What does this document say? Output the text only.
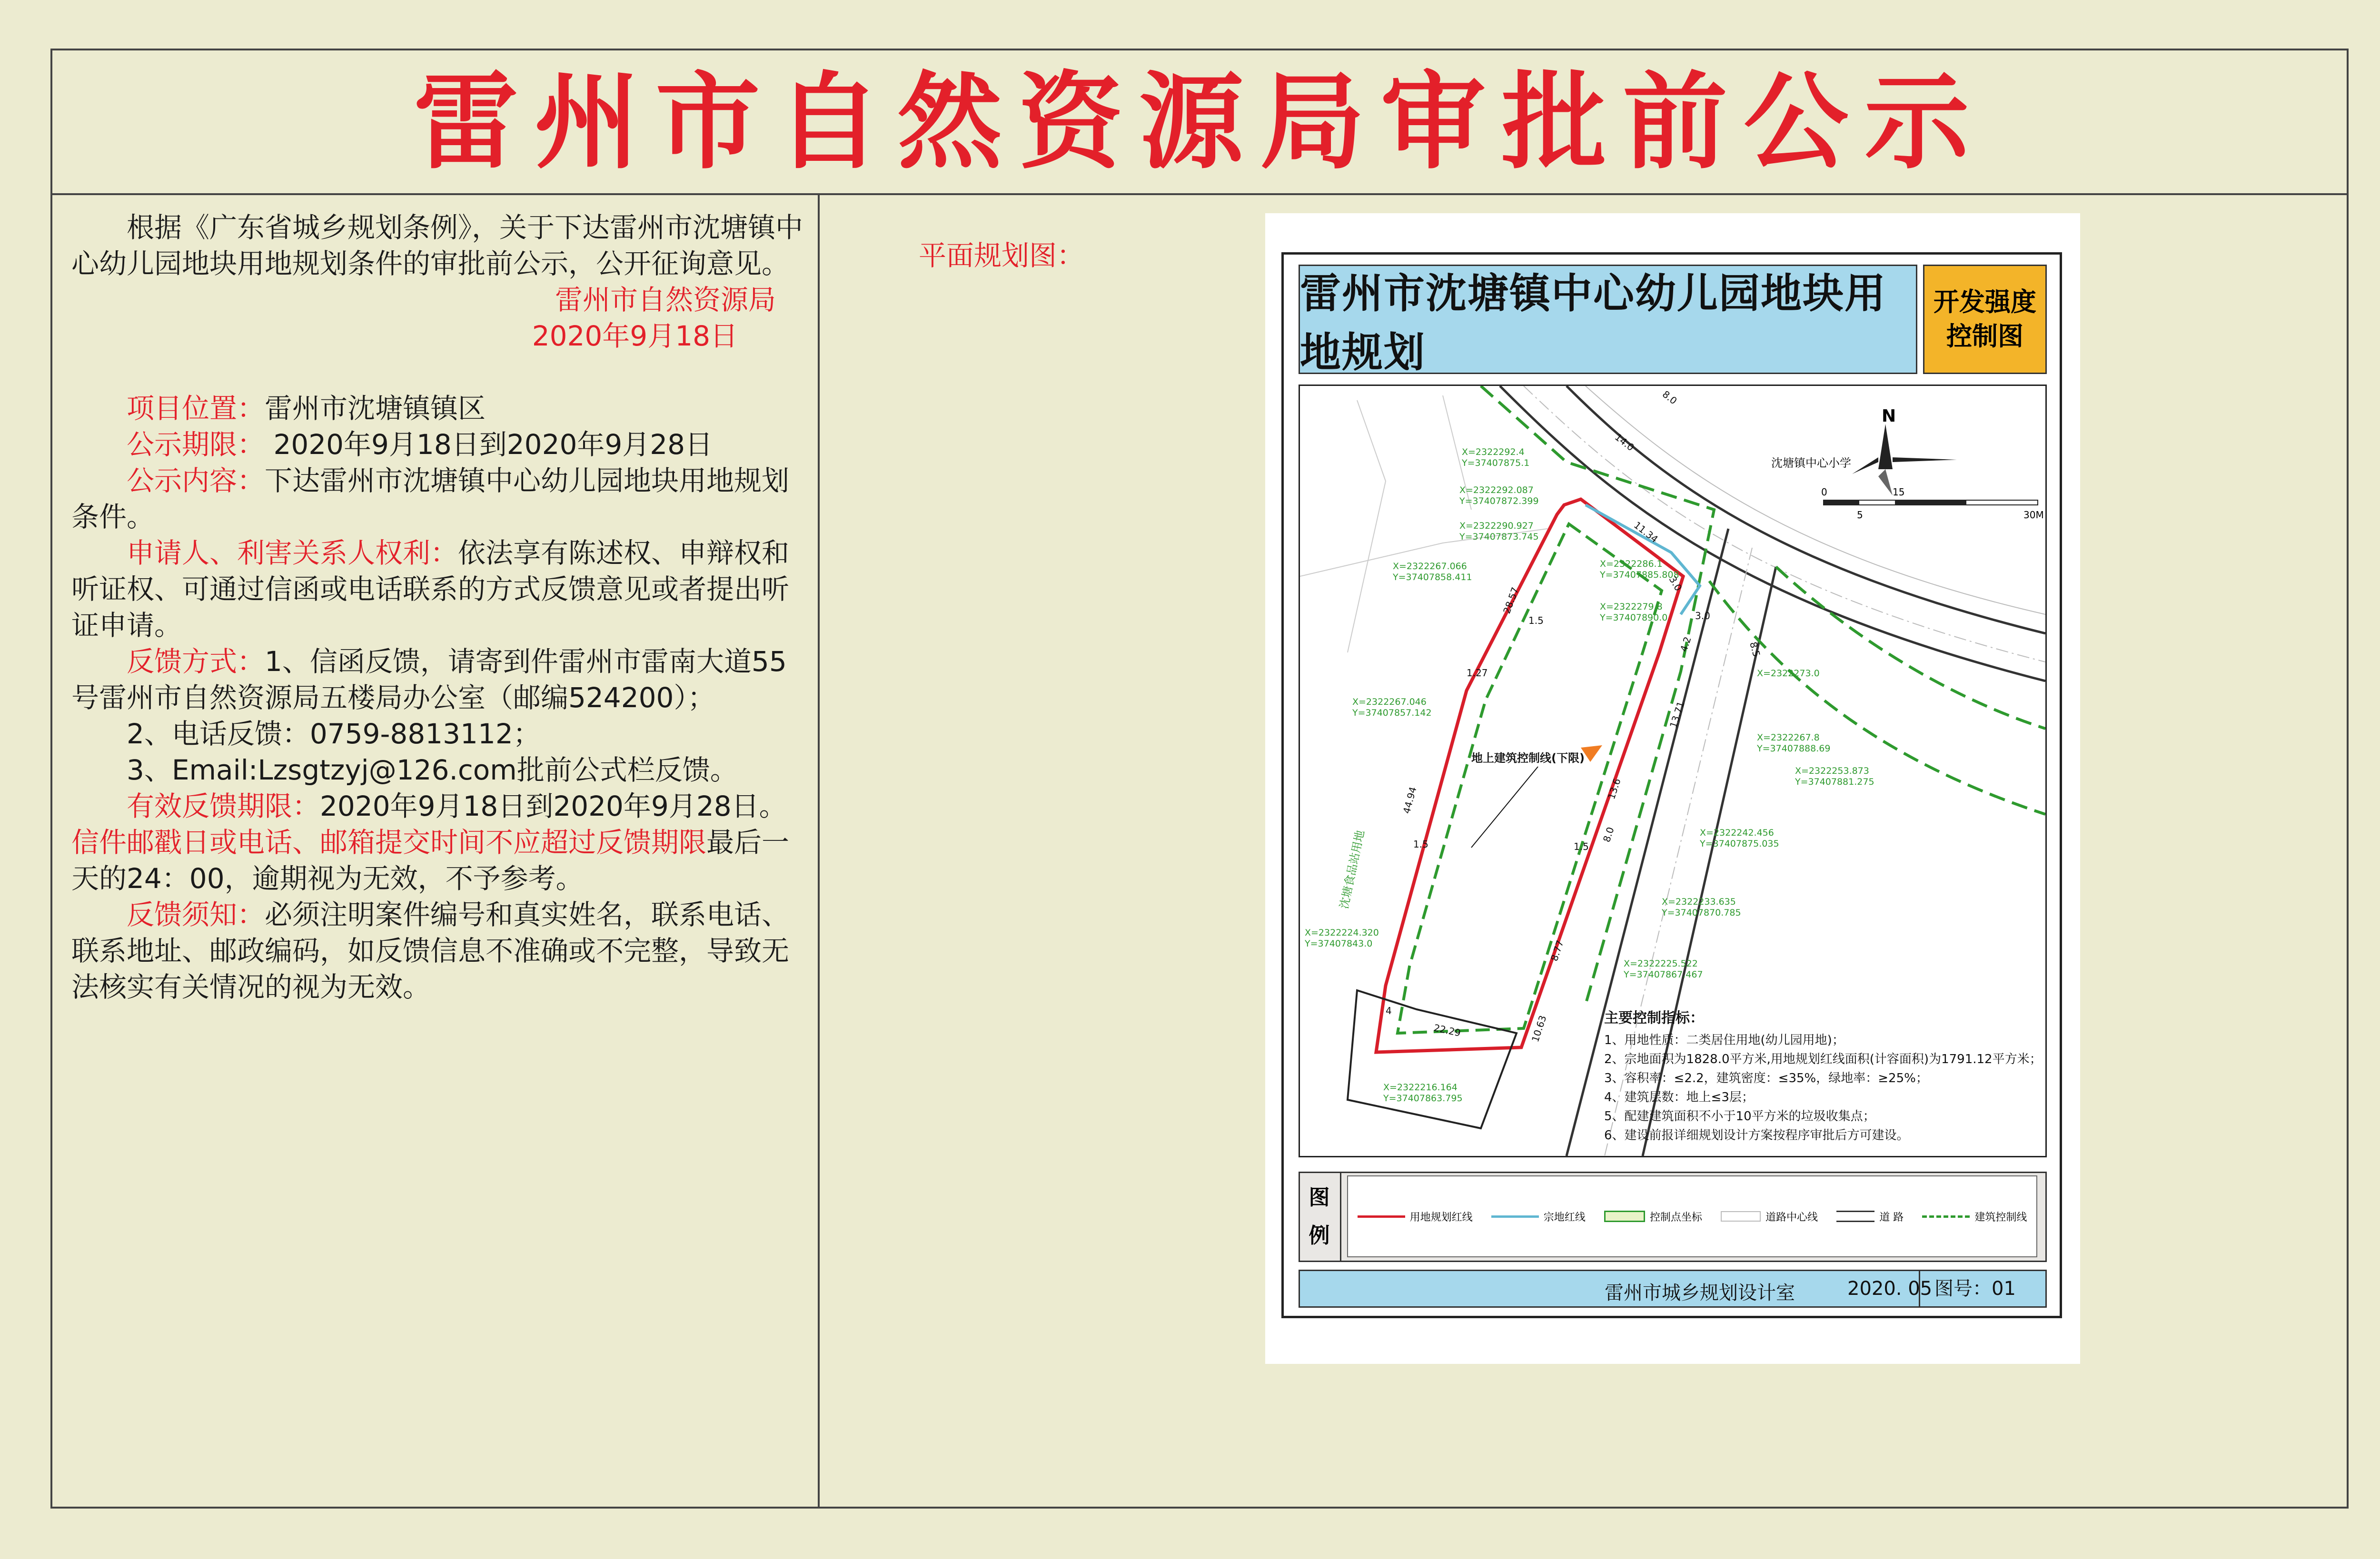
雷州市自然资源局审批前公示

根据《广东省城乡规划条例》，关于下达雷州市沈塘镇中心幼儿园地块用地规划条件的审批前公示，公开征询意见。

雷州市自然资源局

2020年9月18日

项目位置：雷州市沈塘镇镇区

公示期限： 2020年9月18日到2020年9月28日

公示内容：下达雷州市沈塘镇中心幼儿园地块用地规划条件。

申请人、利害关系人权利：依法享有陈述权、申辩权和听证权、可通过信函或电话联系的方式反馈意见或者提出听证申请。

反馈方式：1、信函反馈，请寄到件雷州市雷南大道55号雷州市自然资源局五楼局办公室（邮编524200）；

2、电话反馈：0759-8813112；

3、Email:Lzsgtzyj@126.com批前公式栏反馈。

有效反馈期限：2020年9月18日到2020年9月28日。信件邮戳日或电话、邮箱提交时间不应超过反馈期限最后一天的24：00，逾期视为无效，不予参考。

反馈须知：必须注明案件编号和真实姓名，联系电话、联系地址、邮政编码，如反馈信息不准确或不完整，导致无法核实有关情况的视为无效。

平面规划图：
雷州市沈塘镇中心幼儿园地块用地规划
开发强度
控制图
N
沈塘镇中心小学
0
5
15
30M
地上建筑控制线(下限)
沈塘食品站用地
X=2322292.4
Y=37407875.1
X=2322292.087
Y=37407872.399
X=2322290.927
Y=37407873.745
X=2322267.066
Y=37407858.411
X=2322267.046
Y=37407857.142
X=2322224.320
Y=37407843.0
X=2322216.164
Y=37407863.795
X=2322286.1
Y=37407885.808
X=2322279.8
Y=37407890.0
X=2322273.0
X=2322267.8
Y=37407888.69
X=2322253.873
Y=37407881.275
X=2322242.456
Y=37407875.035
X=2322233.635
Y=37407870.785
X=2322225.522
Y=37407867.467
14.0
8.0
11.34
28.57
1.5
1.27
44.94
1.5
22.29
4
10.63
8.77
8.0
1.5
13.6
13.71
4.2
3.0
8.5
3.0
主要控制指标：
1、用地性质：二类居住用地(幼儿园用地)；
2、宗地面积为1828.0平方米,用地规划红线面积(计容面积)为1791.12平方米；
3、容积率：≤2.2，建筑密度：≤35%，绿地率：≥25%；
4、建筑层数：地上≤3层；
5、配建建筑面积不小于10平方米的垃圾收集点；
6、建设前报详细规划设计方案按程序审批后方可建设。
图
例
用地规划红线	宗地红线	控制点坐标	道路中心线	道 路	建筑控制线
雷州市城乡规划设计室	2020. 05 图号：01
